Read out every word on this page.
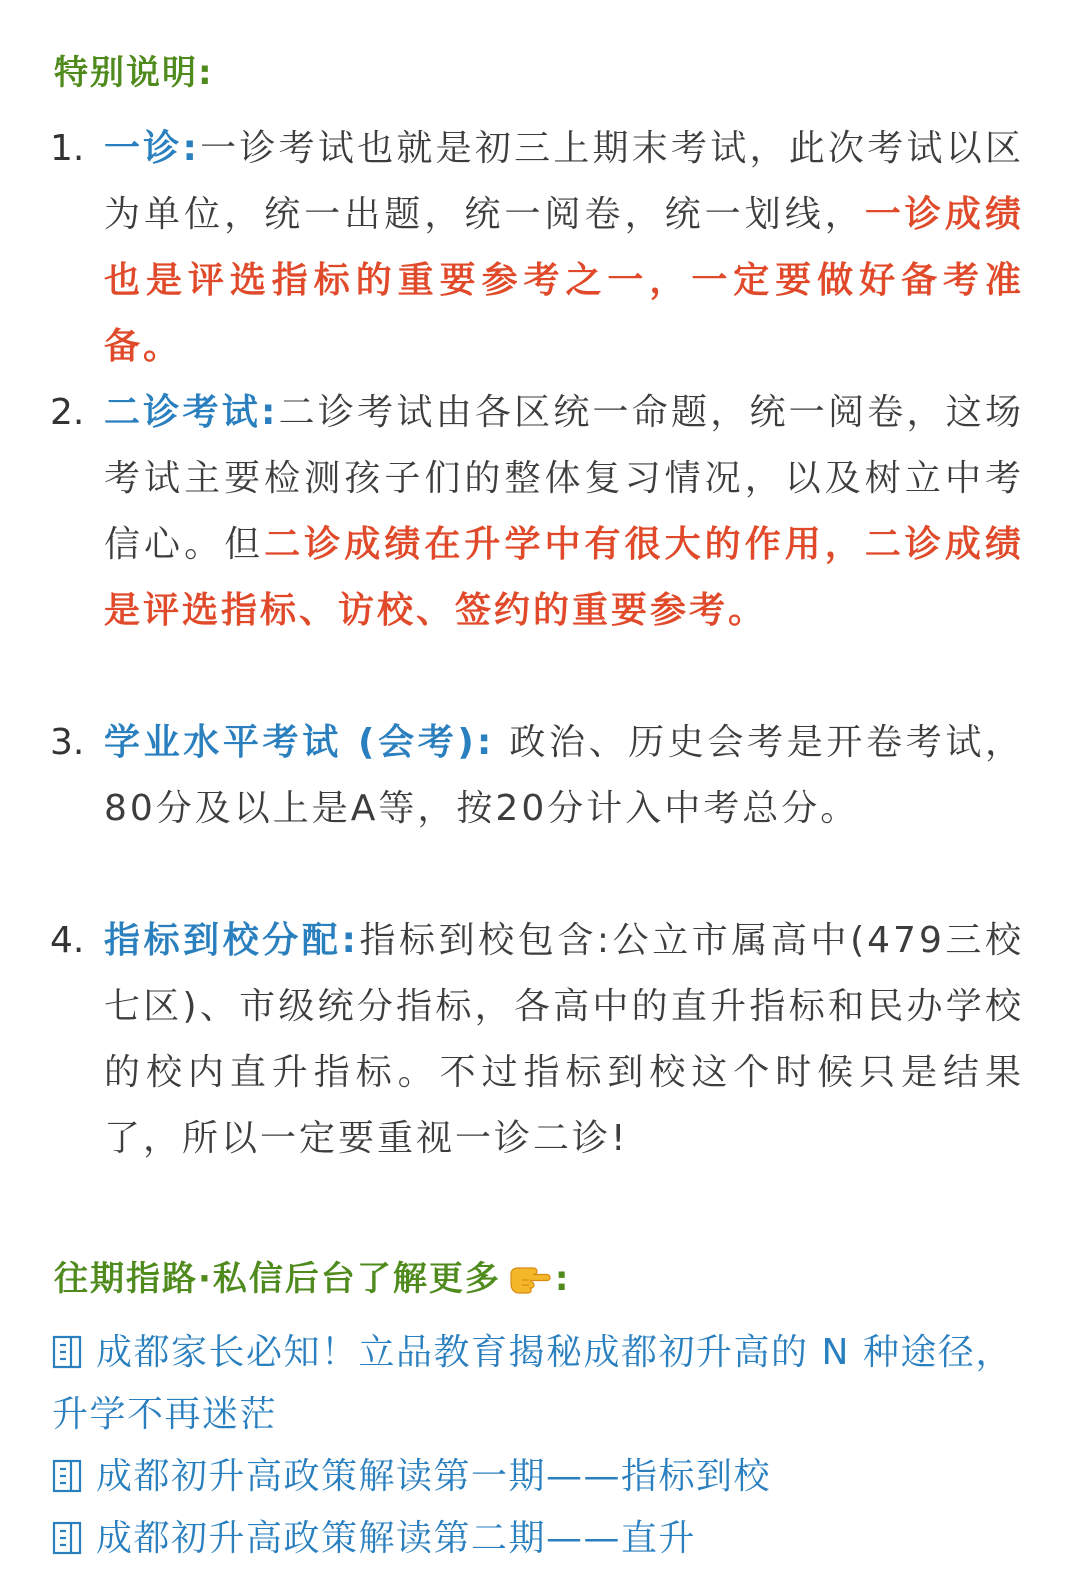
特别说明:
1. 一诊:一诊考试也就是初三上期末考试，此次考试以区为单位，统一出题，统一阅卷，统一划线，一诊成绩也是评选指标的重要参考之一，一定要做好备考准备。
2. 二诊考试:二诊考试由各区统一命题，统一阅卷，这场考试主要检测孩子们的整体复习情况，以及树立中考信心。但二诊成绩在升学中有很大的作用，二诊成绩是评选指标、访校、签约的重要参考。
3. 学业水平考试 (会考): 政治、历史会考是开卷考试，80分及以上是A等，按20分计入中考总分。
4. 指标到校分配:指标到校包含:公立市属高中(479三校七区)、市级统分指标，各高中的直升指标和民办学校的校内直升指标。不过指标到校这个时候只是结果了，所以一定要重视一诊二诊!
往期指路·私信后台了解更多 :
成都家长必知！立品教育揭秘成都初升高的 N 种途径，升学不再迷茫
成都初升高政策解读第一期——指标到校
成都初升高政策解读第二期——直升
